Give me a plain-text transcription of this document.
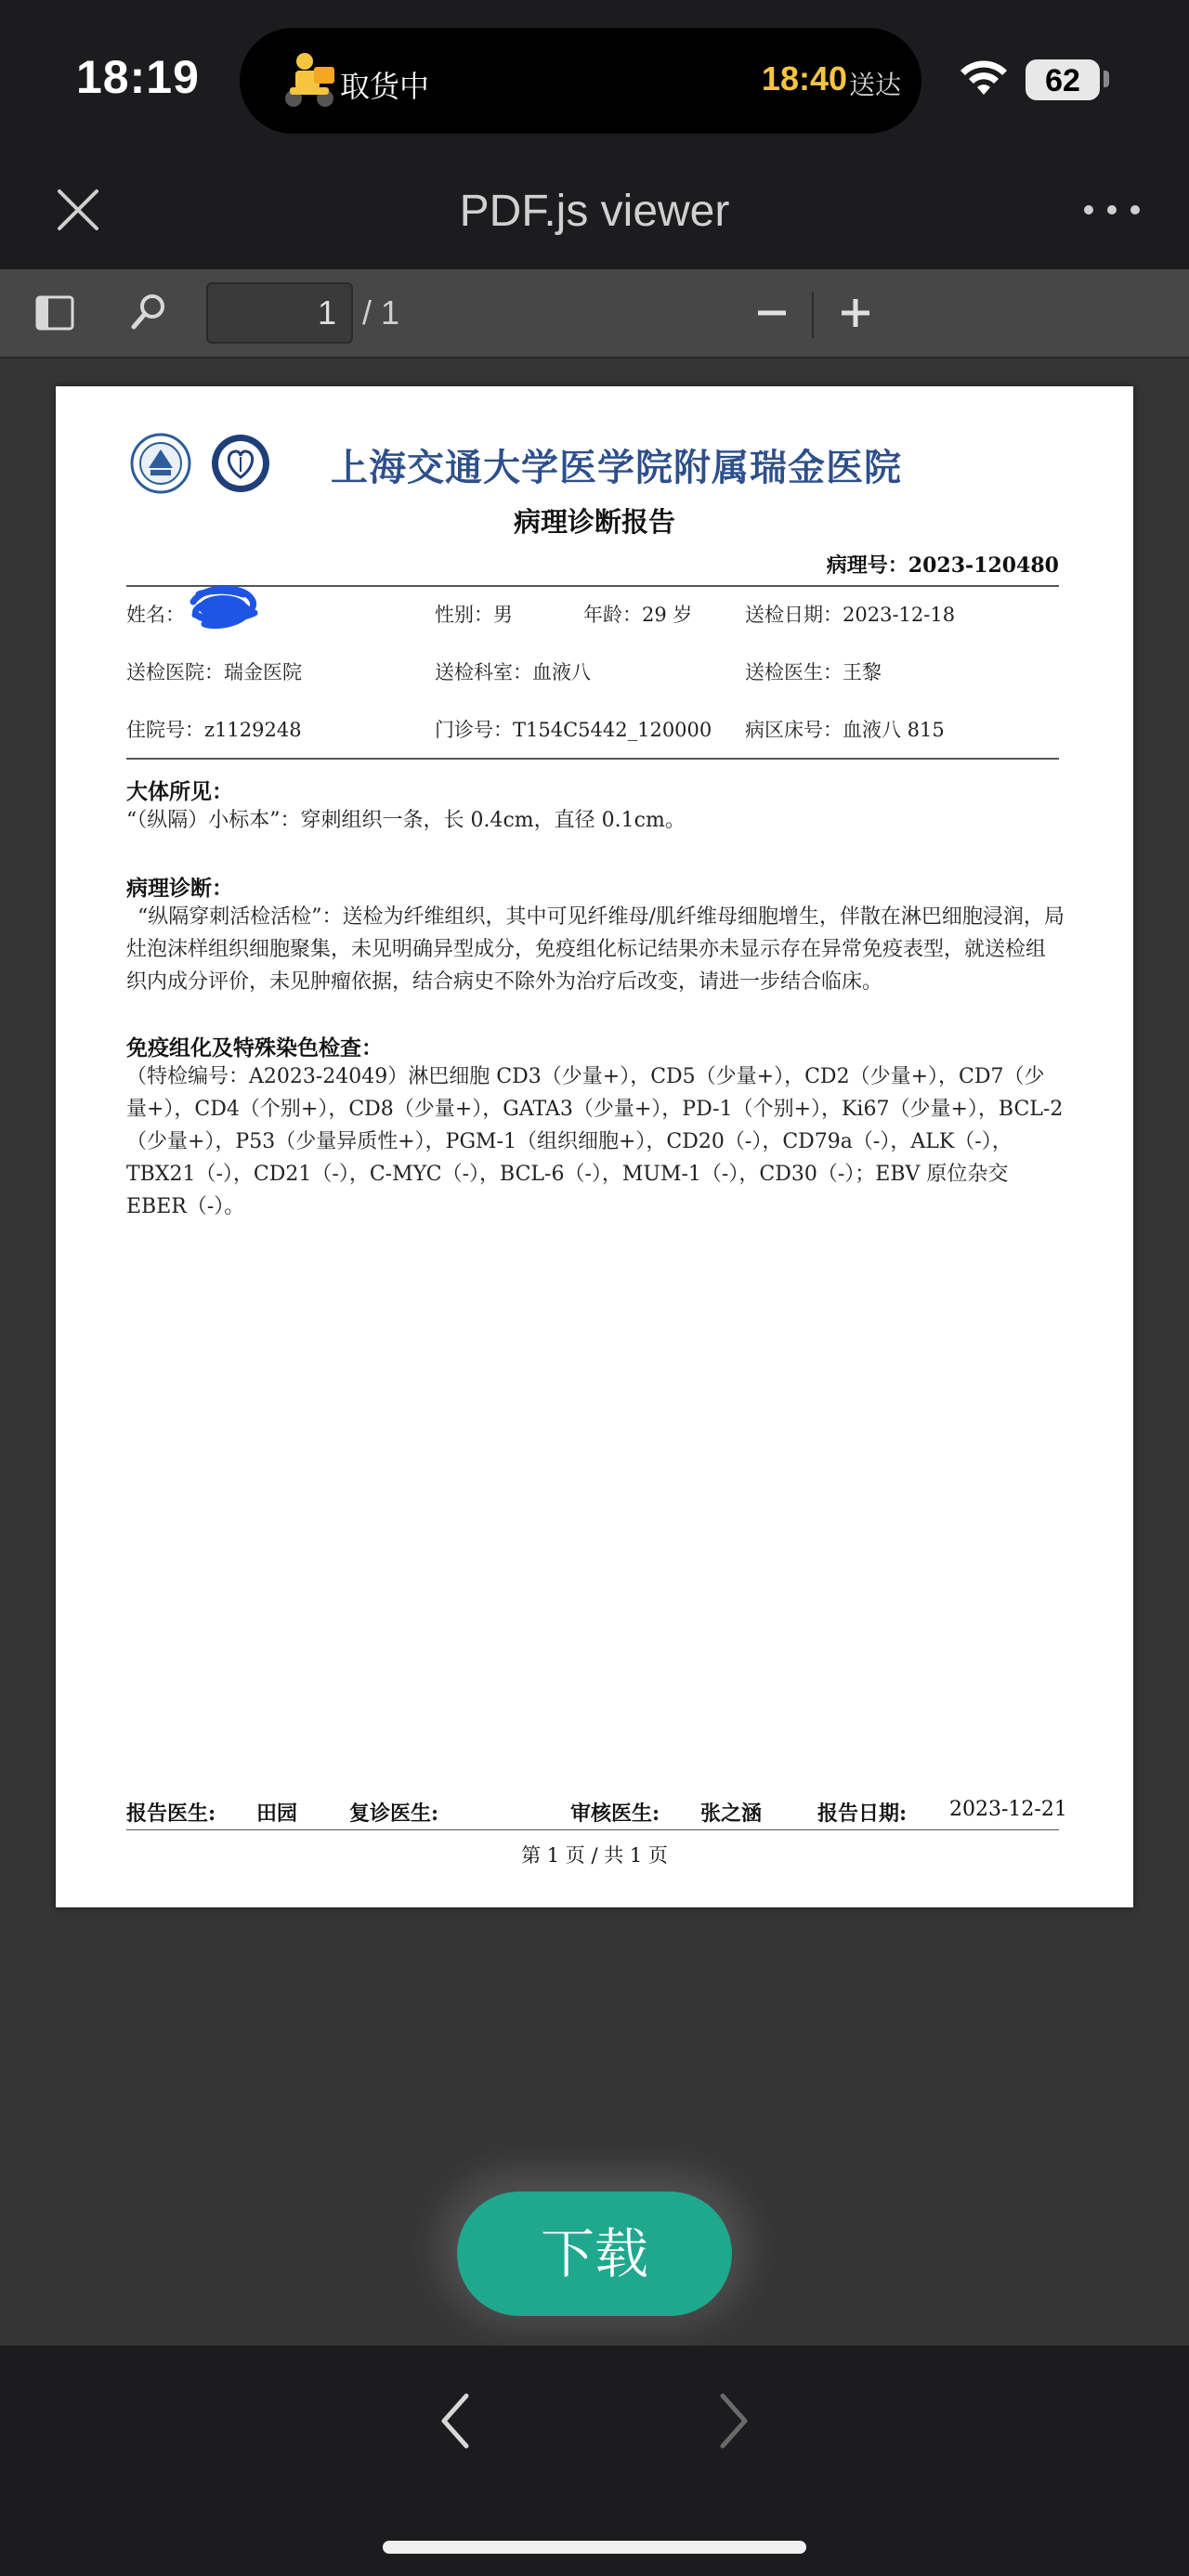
18:19	取货中	18:40 送达	62
PDF.js viewer
1
/ 1
上海交通大学医学院附属瑞金医院
病理诊断报告
病理号：2023-120480
姓名：	性别：男	年龄：29 岁	送检日期：2023-12-18
送检医院：瑞金医院	送检科室：血液八	送检医生：王黎
住院号：z1129248	门诊号：T154C5442_120000 病区床号：血液八 815
大体所见：
“（纵隔）小标本”：穿刺组织一条，长 0.4cm，直径 0.1cm。
病理诊断：
“纵隔穿刺活检活检”：送检为纤维组织，其中可见纤维母/肌纤维母细胞增生，伴散在淋巴细胞浸润，局灶泡沫样组织细胞聚集，未见明确异型成分，免疫组化标记结果亦未显示存在异常免疫表型，就送检组织内成分评价，未见肿瘤依据，结合病史不除外为治疗后改变，请进一步结合临床。
免疫组化及特殊染色检查：
（特检编号：A2023-24049）淋巴细胞 CD3（少量+），CD5（少量+），CD2（少量+），CD7（少量+），CD4（个别+），CD8（少量+），GATA3（少量+），PD-1（个别+），Ki67（少量+），BCL-2（少量+），P53（少量异质性+），PGM-1（组织细胞+），CD20（-），CD79a（-），ALK（-），TBX21（-），CD21（-），C-MYC（-），BCL-6（-），MUM-1（-），CD30（-）；EBV 原位杂交 EBER（-）。
报告医生: 田园	复诊医生:	审核医生: 张之涵	报告日期: 2023-12-21
第 1 页 / 共 1 页
下载
